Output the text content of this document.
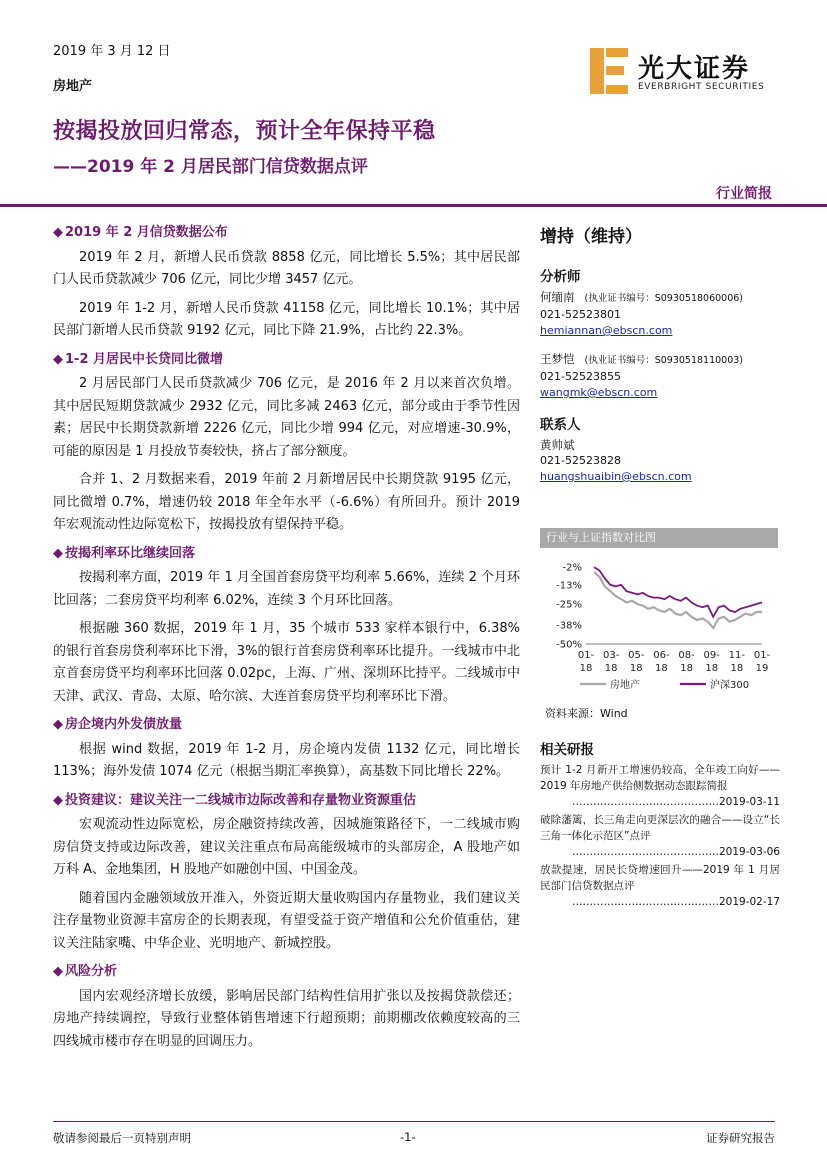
2019 年 3 月 12 日
房地产
按揭投放回归常态，预计全年保持平稳
——2019 年 2 月居民部门信贷数据点评
行业简报
光大证券
EVERBRIGHT SECURITIES
◆ 2019 年 2 月信贷数据公布

2019 年 2 月，新增人民币贷款 8858 亿元，同比增长 5.5%；其中居民部门人民币贷款减少 706 亿元，同比少增 3457 亿元。

2019 年 1-2 月，新增人民币贷款 41158 亿元，同比增长 10.1%；其中居民部门新增人民币贷款 9192 亿元，同比下降 21.9%，占比约 22.3%。

◆ 1-2 月居民中长贷同比微增

2 月居民部门人民币贷款减少 706 亿元，是 2016 年 2 月以来首次负增。其中居民短期贷款减少 2932 亿元，同比多减 2463 亿元，部分或由于季节性因素；居民中长期贷款新增 2226 亿元，同比少增 994 亿元，对应增速-30.9%，可能的原因是 1 月投放节奏较快，挤占了部分额度。

合并 1、2 月数据来看，2019 年前 2 月新增居民中长期贷款 9195 亿元，同比微增 0.7%，增速仍较 2018 年全年水平（-6.6%）有所回升。预计 2019 年宏观流动性边际宽松下，按揭投放有望保持平稳。

◆ 按揭利率环比继续回落

按揭利率方面，2019 年 1 月全国首套房贷平均利率 5.66%，连续 2 个月环比回落；二套房贷平均利率 6.02%，连续 3 个月环比回落。

根据融 360 数据，2019 年 1 月，35 个城市 533 家样本银行中，6.38% 的银行首套房贷利率环比下滑，3%的银行首套房贷利率环比提升。一线城市中北京首套房贷平均利率环比回落 0.02pc，上海、广州、深圳环比持平。二线城市中天津、武汉、青岛、太原、哈尔滨、大连首套房贷平均利率环比下滑。

◆ 房企境内外发债放量

根据 wind 数据，2019 年 1-2 月，房企境内发债 1132 亿元，同比增长 113%；海外发债 1074 亿元（根据当期汇率换算），高基数下同比增长 22%。

◆ 投资建议：建议关注一二线城市边际改善和存量物业资源重估

宏观流动性边际宽松，房企融资持续改善，因城施策路径下，一二线城市购房信贷支持或边际改善，建议关注重点布局高能级城市的头部房企，A 股地产如万科 A、金地集团，H 股地产如融创中国、中国金茂。

随着国内金融领域放开准入，外资近期大量收购国内存量物业，我们建议关注存量物业资源丰富房企的长期表现，有望受益于资产增值和公允价值重估，建议关注陆家嘴、中华企业、光明地产、新城控股。

◆ 风险分析

国内宏观经济增长放缓，影响居民部门结构性信用扩张以及按揭贷款偿还；房地产持续调控，导致行业整体销售增速下行超预期；前期棚改依赖度较高的三四线城市楼市存在明显的回调压力。

增持（维持）
分析师
何缅南 (执业证书编号：S0930518060006)
021-52523801
hemiannan@ebscn.com
王梦恺 (执业证书编号：S0930518110003)
021-52523855
wangmk@ebscn.com
联系人
黄帅斌
021-52523828
huangshuaibin@ebscn.com
行业与上证指数对比图
-2%
-13%
-25%
-38%
-50%
01-
18
03-
18
05-
18
06-
18
08-
18
09-
18
11-
18
01-
19
房地产	沪深300
资料来源：Wind
相关研报
预计 1-2 月新开工增速仍较高，全年竣工向好——2019 年房地产供给侧数据动态跟踪简报
……………………………………2019-03-11
破除藩篱，长三角走向更深层次的融合——设立“长三角一体化示范区”点评
……………………………………2019-03-06
放款提速，居民长贷增速回升——2019 年 1 月居民部门信贷数据点评
……………………………………2019-02-17
敬请参阅最后一页特别声明	-1-	证券研究报告
